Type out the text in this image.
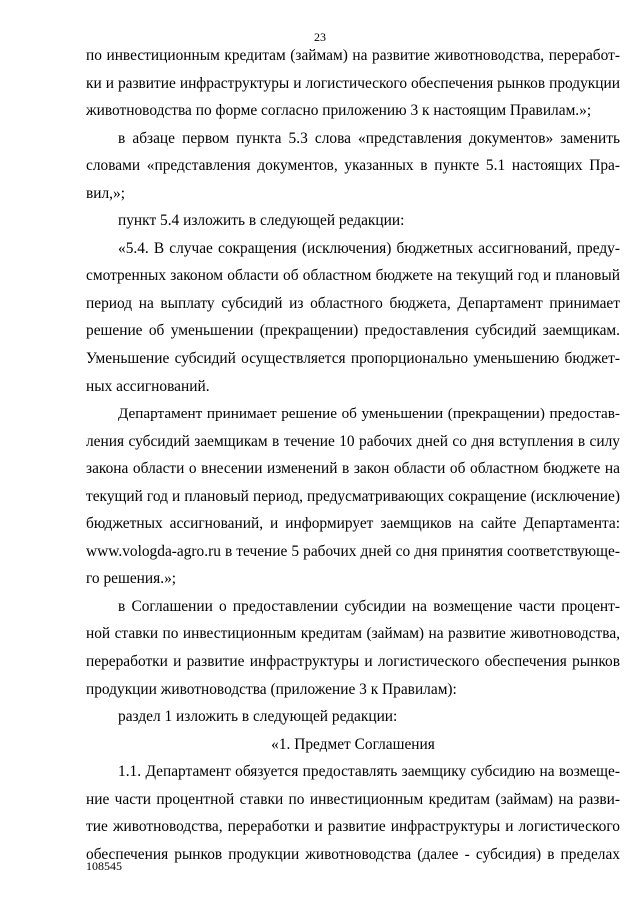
23
по инвестиционным кредитам (займам) на развитие животноводства, переработ-
ки и развитие инфраструктуры и логистического обеспечения рынков продукции
животноводства по форме согласно приложению 3 к настоящим Правилам.»;
в абзаце первом пункта 5.3 слова «представления документов» заменить
словами «представления документов, указанных в пункте 5.1 настоящих Пра-
вил,»;
пункт 5.4 изложить в следующей редакции:
«5.4. В случае сокращения (исключения) бюджетных ассигнований, преду-
смотренных законом области об областном бюджете на текущий год и плановый
период на выплату субсидий из областного бюджета, Департамент принимает
решение об уменьшении (прекращении) предоставления субсидий заемщикам.
Уменьшение субсидий осуществляется пропорционально уменьшению бюджет-
ных ассигнований.
Департамент принимает решение об уменьшении (прекращении) предостав-
ления субсидий заемщикам в течение 10 рабочих дней со дня вступления в силу
закона области о внесении изменений в закон области об областном бюджете на
текущий год и плановый период, предусматривающих сокращение (исключение)
бюджетных ассигнований, и информирует заемщиков на сайте Департамента:
www.vologda-agro.ru в течение 5 рабочих дней со дня принятия соответствующе-
го решения.»;
в Соглашении о предоставлении субсидии на возмещение части процент-
ной ставки по инвестиционным кредитам (займам) на развитие животноводства,
переработки и развитие инфраструктуры и логистического обеспечения рынков
продукции животноводства (приложение 3 к Правилам):
раздел 1 изложить в следующей редакции:
«1. Предмет Соглашения
1.1. Департамент обязуется предоставлять заемщику субсидию на возмеще-
ние части процентной ставки по инвестиционным кредитам (займам) на разви-
тие животноводства, переработки и развитие инфраструктуры и логистического
обеспечения рынков продукции животноводства (далее - субсидия) в пределах
108545
